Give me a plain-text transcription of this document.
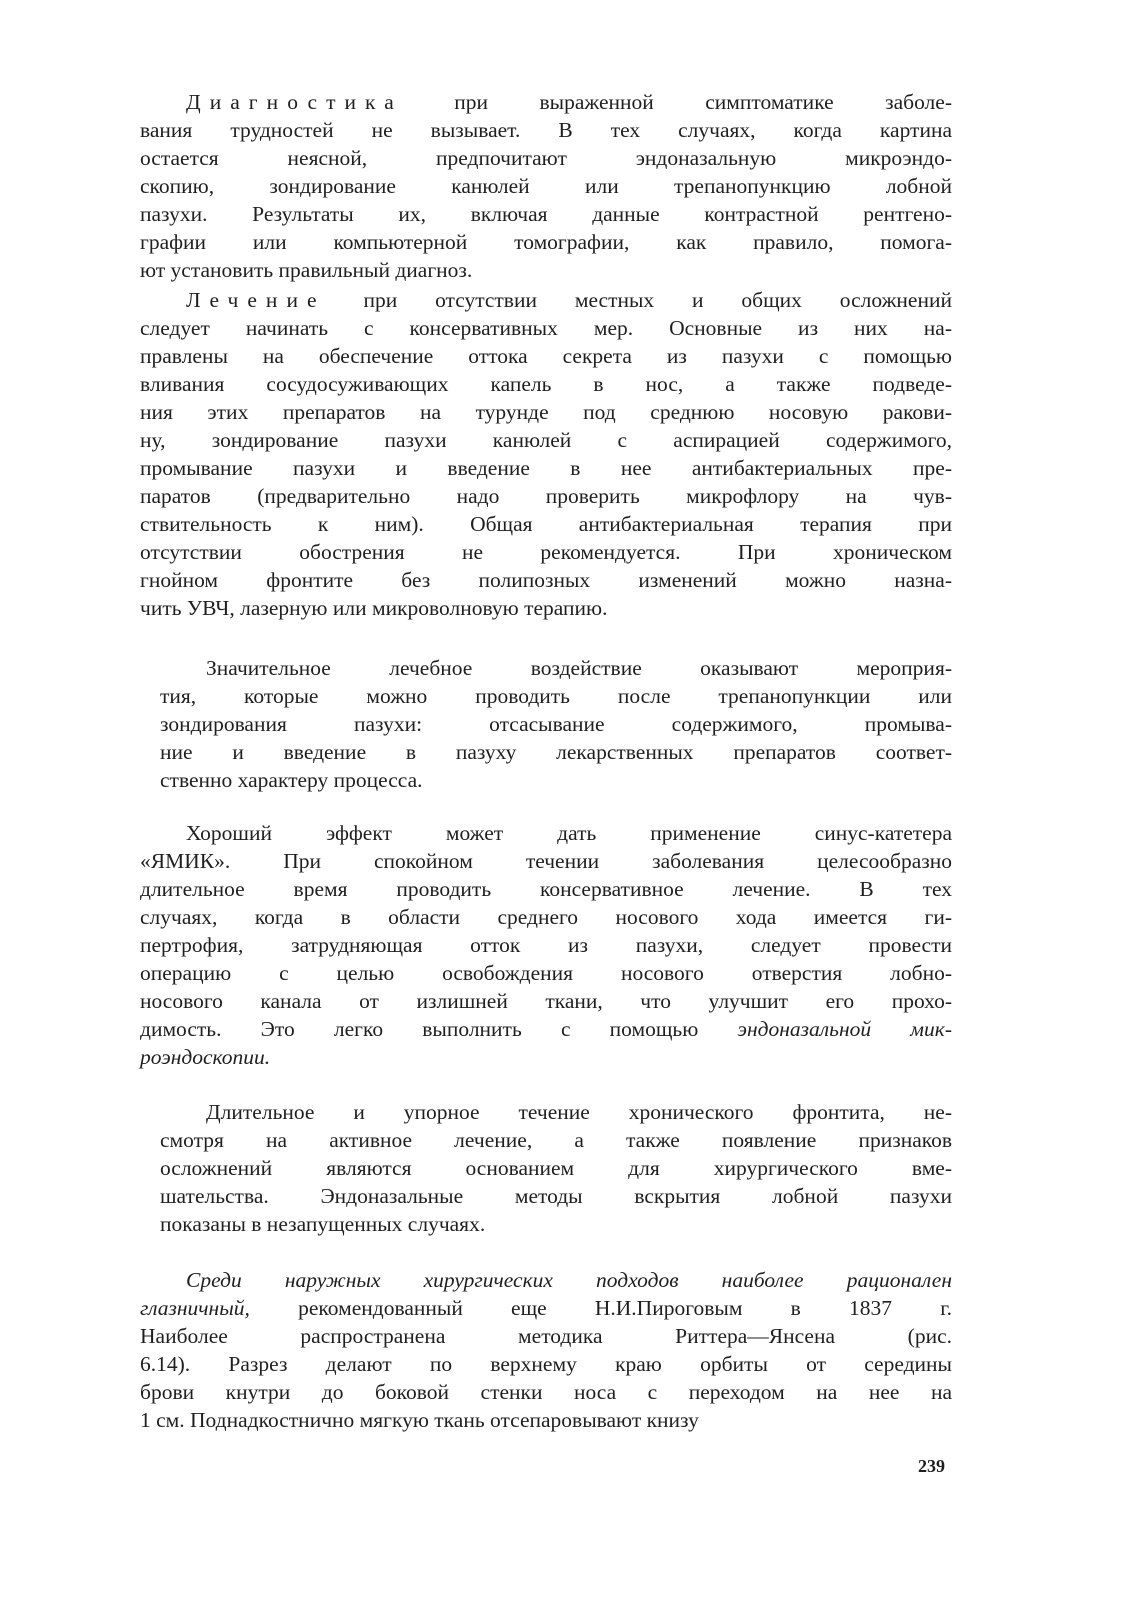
Диагностика при выраженной симптоматике заболе-
вания трудностей не вызывает. В тех случаях, когда картина
остается неясной, предпочитают эндоназальную микроэндо-
скопию, зондирование канюлей или трепанопункцию лобной
пазухи. Результаты их, включая данные контрастной рентгено-
графии или компьютерной томографии, как правило, помога-
ют установить правильный диагноз.
Лечение при отсутствии местных и общих осложнений
следует начинать с консервативных мер. Основные из них на-
правлены на обеспечение оттока секрета из пазухи с помощью
вливания сосудосуживающих капель в нос, а также подведе-
ния этих препаратов на турунде под среднюю носовую ракови-
ну, зондирование пазухи канюлей с аспирацией содержимого,
промывание пазухи и введение в нее антибактериальных пре-
паратов (предварительно надо проверить микрофлору на чув-
ствительность к ним). Общая антибактериальная терапия при
отсутствии обострения не рекомендуется. При хроническом
гнойном фронтите без полипозных изменений можно назна-
чить УВЧ, лазерную или микроволновую терапию.
Значительное лечебное воздействие оказывают мероприя-
тия, которые можно проводить после трепанопункции или
зондирования пазухи: отсасывание содержимого, промыва-
ние и введение в пазуху лекарственных препаратов соответ-
ственно характеру процесса.
Хороший эффект может дать применение синус-катетера
«ЯМИК». При спокойном течении заболевания целесообразно
длительное время проводить консервативное лечение. В тех
случаях, когда в области среднего носового хода имеется ги-
пертрофия, затрудняющая отток из пазухи, следует провести
операцию с целью освобождения носового отверстия лобно-
носового канала от излишней ткани, что улучшит его прохо-
димость. Это легко выполнить с помощью эндоназальной мик-
роэндоскопии.
Длительное и упорное течение хронического фронтита, не-
смотря на активное лечение, а также появление признаков
осложнений являются основанием для хирургического вме-
шательства. Эндоназальные методы вскрытия лобной пазухи
показаны в незапущенных случаях.
Среди наружных хирургических подходов наиболее рационален
глазничный, рекомендованный еще Н.И.Пироговым в 1837 г.
Наиболее распространена методика Риттера—Янсена (рис.
6.14). Разрез делают по верхнему краю орбиты от середины
брови кнутри до боковой стенки носа с переходом на нее на
1 см. Поднадкостнично мягкую ткань отсепаровывают книзу
239
